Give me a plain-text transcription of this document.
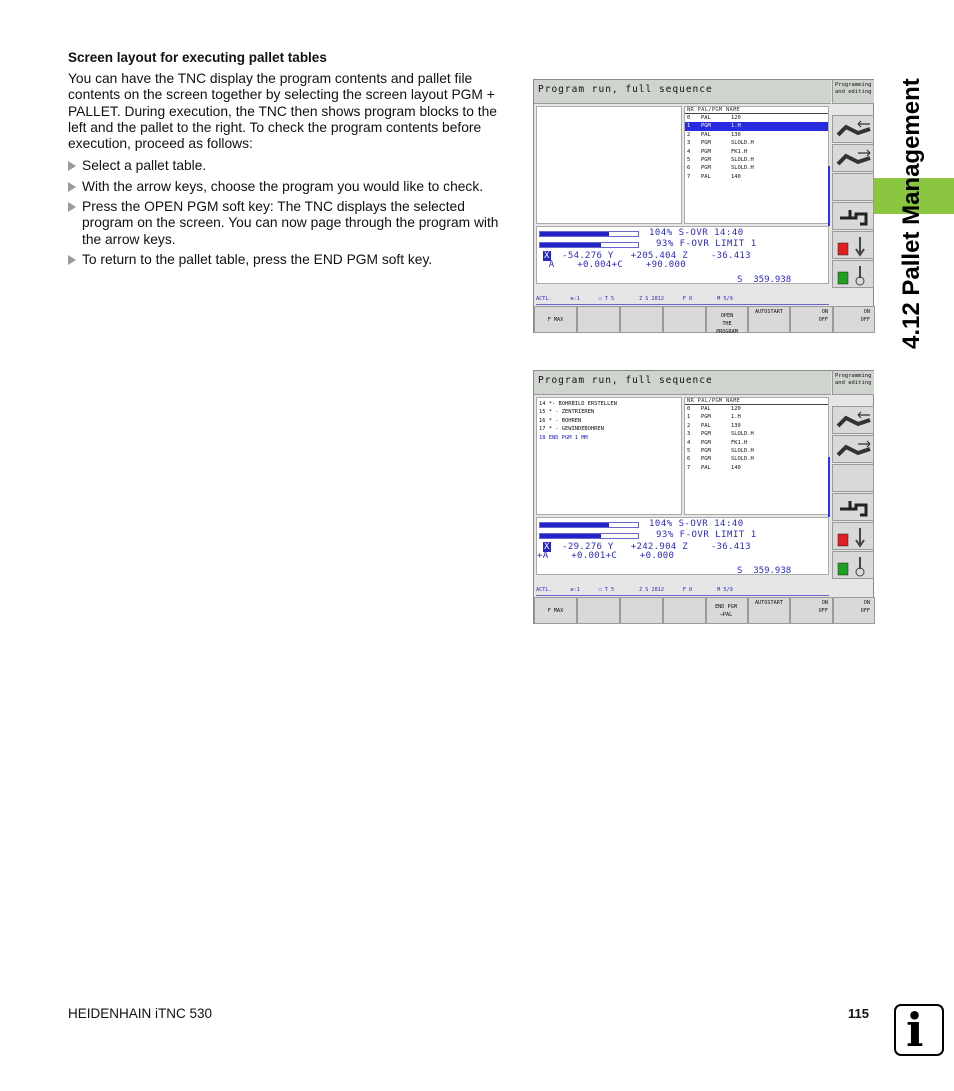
Screen layout for executing pallet tables

You can have the TNC display the program contents and pallet file contents on the screen together by selecting the screen layout PGM + PALLET. During execution, the TNC then shows program blocks to the left and the pallet to the right. To check the program contents before execution, proceed as follows:

Select a pallet table.
With the arrow keys, choose the program you would like to check.
Press the OPEN PGM soft key: The TNC displays the selected program on the screen. You can now page through the program with the arrow keys.
To return to the pallet table, press the END PGM soft key.	4.12 Pallet Management
Program run, full sequence	Programming
and editing
NR PAL/PGM NAME
0 PAL	120
1 PGM	1.H
2 PAL	130
3 PGM	SLOLD.H
4 PGM	FK1.H
5 PGM	SLOLD.H
6 PGM	SLOLD.H
7 PAL	140
104% S-OVR 14:40
93% F-OVR LIMIT 1
X  -54.276 Y   +205.404 Z    -36.413
A    +0.004+C    +90.000
S  359.938
ACTL.      ⊕:1      ☐ T 5        Z S 2812      F 0        M 5/9
F MAX
OPEN THE PROGRAM
AUTOSTART	ON OFF
ON OFF
Program run, full sequence	Programming
and editing
14 *- BOHRBILD ERSTELLEN
15 * - ZENTRIEREN
16 * - BOHREN
17 * - GEWINDEBOHREN
18 END PGM 1 MM
NR PAL/PGM NAME
0 PAL	120
1 PGM	1.H
2 PAL	130
3 PGM	SLOLD.H
4 PGM	FK1.H
5 PGM	SLOLD.H
6 PGM	SLOLD.H
7 PAL	140
104% S-OVR 14:40
93% F-OVR LIMIT 1
X  -29.276 Y   +242.904 Z    -36.413
+A    +0.001+C    +0.000
S  359.938
ACTL.      ⊕:1      ☐ T 5        Z S 2812      F 0        M 5/9
F MAX
END PGM →PAL
AUTOSTART	ON OFF
ON OFF
HEIDENHAIN iTNC 530	115 i
